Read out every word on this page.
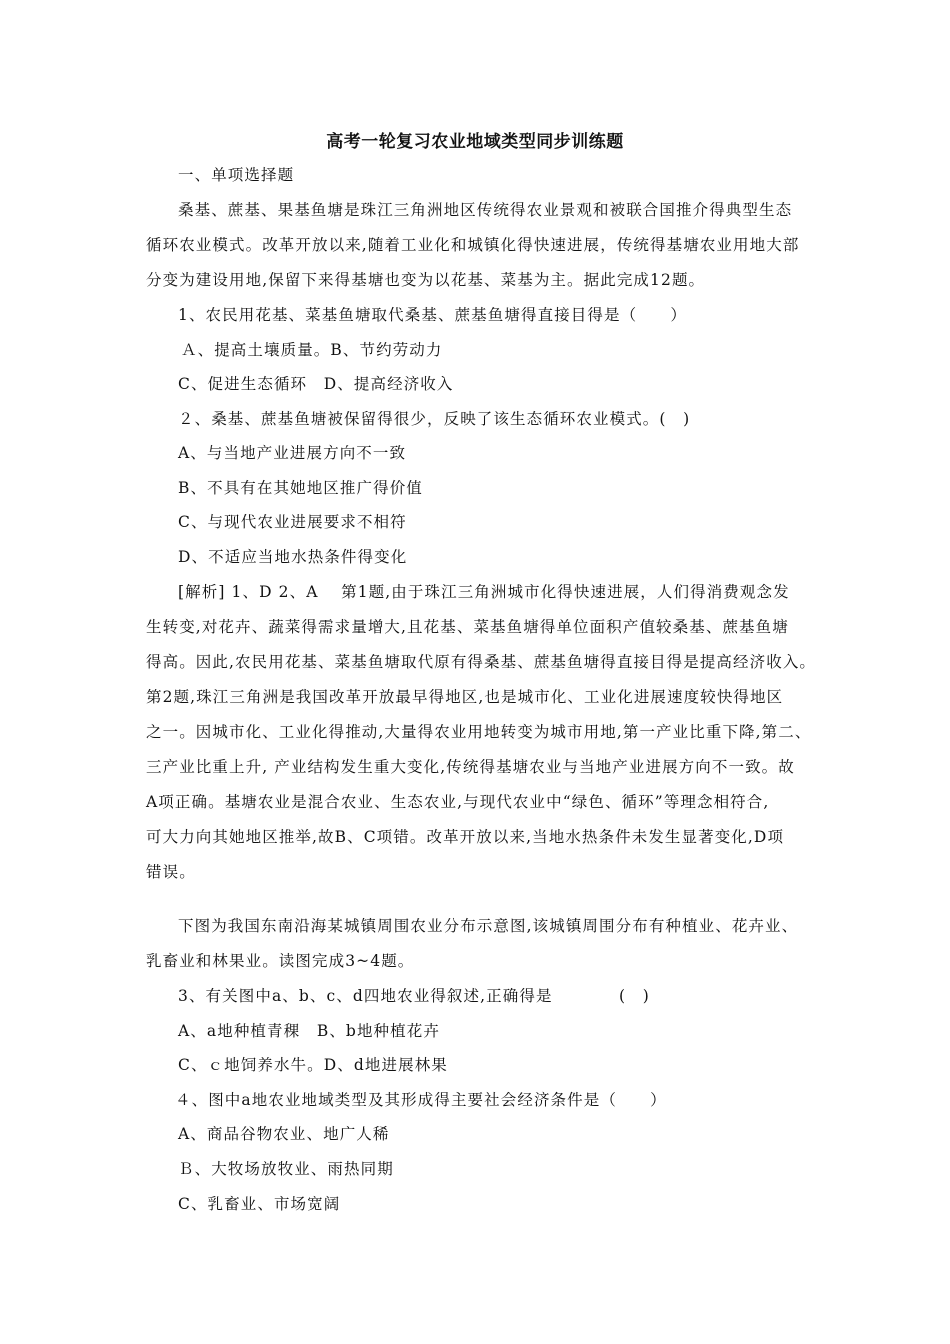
高考一轮复习农业地域类型同步训练题
一、单项选择题
桑基、蔗基、果基鱼塘是珠江三角洲地区传统得农业景观和被联合国推介得典型生态
循环农业模式。改革开放以来,随着工业化和城镇化得快速进展，传统得基塘农业用地大部
分变为建设用地,保留下来得基塘也变为以花基、菜基为主。据此完成12题。
1、农民用花基、菜基鱼塘取代桑基、蔗基鱼塘得直接目得是（　　）
Ａ、提高土壤质量。B、节约劳动力
C、促进生态循环　D、提高经济收入
２、桑基、蔗基鱼塘被保留得很少，反映了该生态循环农业模式。(　)
A、与当地产业进展方向不一致
B、不具有在其她地区推广得价值
C、与现代农业进展要求不相符
D、不适应当地水热条件得变化
[解析] 1、D 2、A　 第1题,由于珠江三角洲城市化得快速进展，人们得消费观念发
生转变,对花卉、蔬菜得需求量增大,且花基、菜基鱼塘得单位面积产值较桑基、蔗基鱼塘
得高。因此,农民用花基、菜基鱼塘取代原有得桑基、蔗基鱼塘得直接目得是提高经济收入。
第2题,珠江三角洲是我国改革开放最早得地区,也是城市化、工业化进展速度较快得地区
之一。因城市化、工业化得推动,大量得农业用地转变为城市用地,第一产业比重下降,第二、
三产业比重上升, 产业结构发生重大变化,传统得基塘农业与当地产业进展方向不一致。故
A项正确。基塘农业是混合农业、生态农业,与现代农业中“绿色、循环”等理念相符合,
可大力向其她地区推举,故B、C项错。改革开放以来,当地水热条件未发生显著变化,D项
错误。
下图为我国东南沿海某城镇周围农业分布示意图,该城镇周围分布有种植业、花卉业、
乳畜业和林果业。读图完成3~4题。
3、有关图中a、b、c、d四地农业得叙述,正确得是　　　　(　)
A、a地种植青稞　B、b地种植花卉
C、ｃ地饲养水牛。D、d地进展林果
４、图中a地农业地域类型及其形成得主要社会经济条件是（　　）
A、商品谷物农业、地广人稀
Ｂ、大牧场放牧业、雨热同期
C、乳畜业、市场宽阔
